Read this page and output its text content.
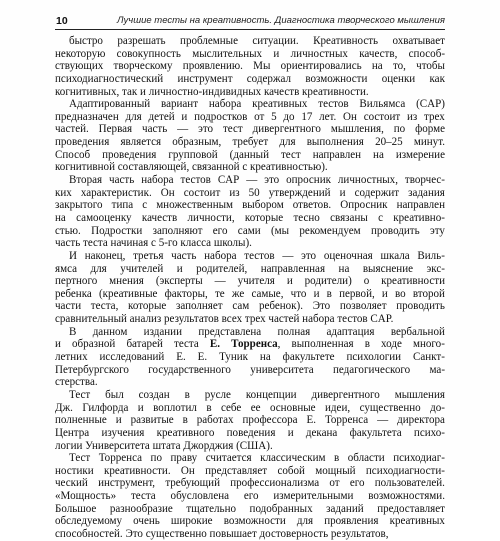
10	Лучшие тесты на креативность. Диагностика творческого мышления
быстро разрешать проблемные ситуации. Креативность охватывает
некоторую совокупность мыслительных и личностных качеств, способ-
ствующих творческому проявлению. Мы ориентировались на то, чтобы
психодиагностический инструмент содержал возможности оценки как
когнитивных, так и личностно-индивидных качеств креативности.
Адаптированный вариант набора креативных тестов Вильямса (CAP)
предназначен для детей и подростков от 5 до 17 лет. Он состоит из трех
частей. Первая часть — это тест дивергентного мышления, по форме
проведения является образным, требует для выполнения 20–25 минут.
Способ проведения групповой (данный тест направлен на измерение
когнитивной составляющей, связанной с креативностью).
Вторая часть набора тестов CAP — это опросник личностных, творчес-
ких характеристик. Он состоит из 50 утверждений и содержит задания
закрытого типа с множественным выбором ответов. Опросник направлен
на самооценку качеств личности, которые тесно связаны с креативно-
стью. Подростки заполняют его сами (мы рекомендуем проводить эту
часть теста начиная с 5-го класса школы).
И наконец, третья часть набора тестов — это оценочная шкала Виль-
ямса для учителей и родителей, направленная на выяснение экс-
пертного мнения (эксперты — учителя и родители) о креативности
ребенка (креативные факторы, те же самые, что и в первой, и во второй
части теста, которые заполняет сам ребенок). Это позволяет проводить
сравнительный анализ результатов всех трех частей набора тестов CAP.
В данном издании представлена полная адаптация вербальной
и образной батарей теста Е. Торренса, выполненная в ходе много-
летних исследований Е. Е. Туник на факультете психологии Санкт-
Петербургского государственного университета педагогического ма-
стерства.
Тест был создан в русле концепции дивергентного мышления
Дж. Гилфорда и воплотил в себе ее основные идеи, существенно до-
полненные и развитые в работах профессора Е. Торренса — директора
Центра изучения креативного поведения и декана факультета психо-
логии Университета штата Джорджия (США).
Тест Торренса по праву считается классическим в области психодиаг-
ностики креативности. Он представляет собой мощный психодиагности-
ческий инструмент, требующий профессионализма от его пользователей.
«Мощность» теста обусловлена его измерительными возможностями.
Большое разнообразие тщательно подобранных заданий предоставляет
обследуемому очень широкие возможности для проявления креативных
способностей. Это существенно повышает достоверность результатов,
